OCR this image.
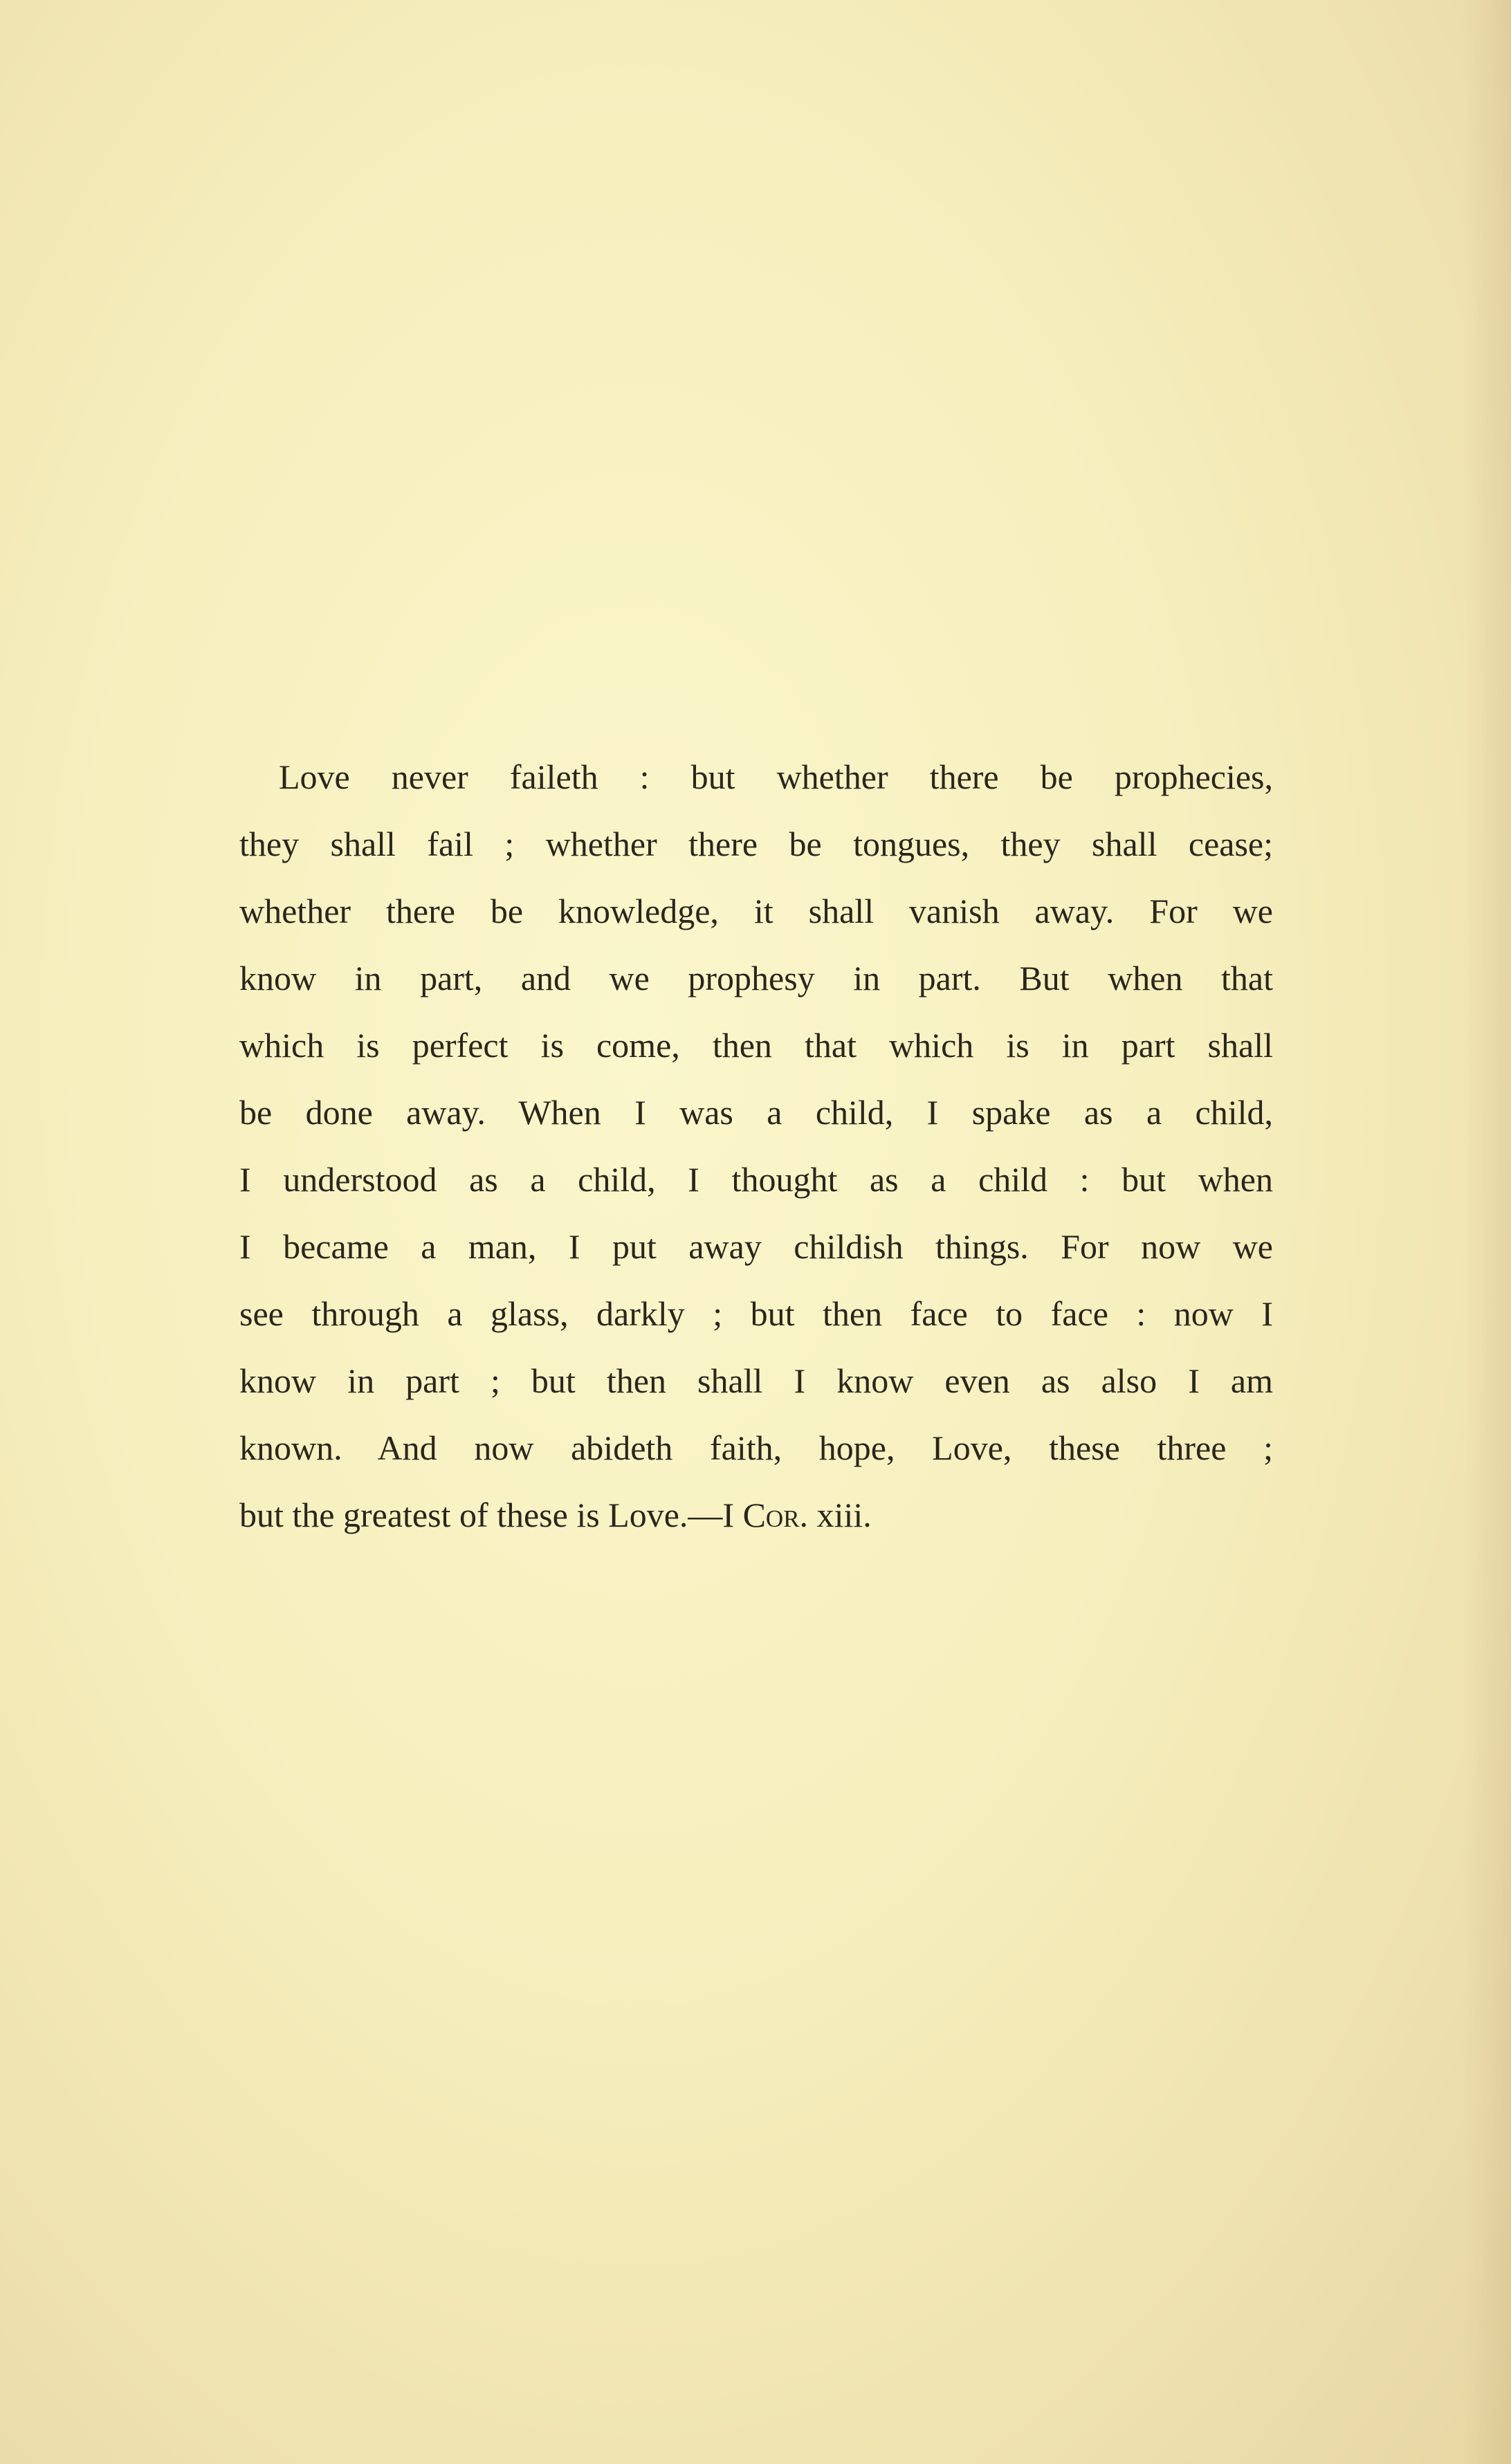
Love never faileth : but whether there be prophecies,
they shall fail ; whether there be tongues, they shall cease;
whether there be knowledge, it shall vanish away. For we
know in part, and we prophesy in part. But when that
which is perfect is come, then that which is in part shall
be done away. When I was a child, I spake as a child,
I understood as a child, I thought as a child : but when
I became a man, I put away childish things. For now we
see through a glass, darkly ; but then face to face : now I
know in part ; but then shall I know even as also I am
known. And now abideth faith, hope, Love, these three ;
but the greatest of these is Love.—I Cor. xiii.
